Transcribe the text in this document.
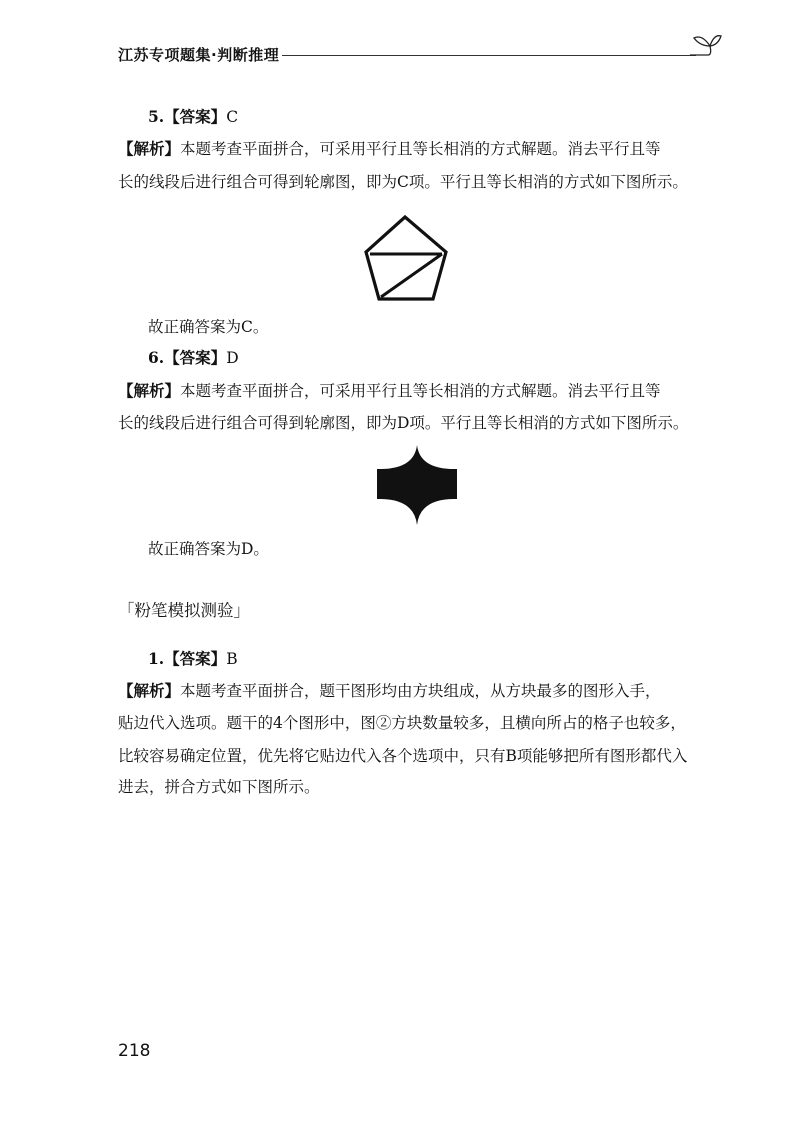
江苏专项题集·判断推理
5.【答案】C
【解析】本题考查平面拼合，可采用平行且等长相消的方式解题。消去平行且等
长的线段后进行组合可得到轮廓图，即为C项。平行且等长相消的方式如下图所示。
故正确答案为C。
6.【答案】D
【解析】本题考查平面拼合，可采用平行且等长相消的方式解题。消去平行且等
长的线段后进行组合可得到轮廓图，即为D项。平行且等长相消的方式如下图所示。
故正确答案为D。
「粉笔模拟测验」
1.【答案】B
【解析】本题考查平面拼合，题干图形均由方块组成，从方块最多的图形入手，
贴边代入选项。题干的4个图形中，图②方块数量较多，且横向所占的格子也较多，
比较容易确定位置，优先将它贴边代入各个选项中，只有B项能够把所有图形都代入
进去，拼合方式如下图所示。
218
